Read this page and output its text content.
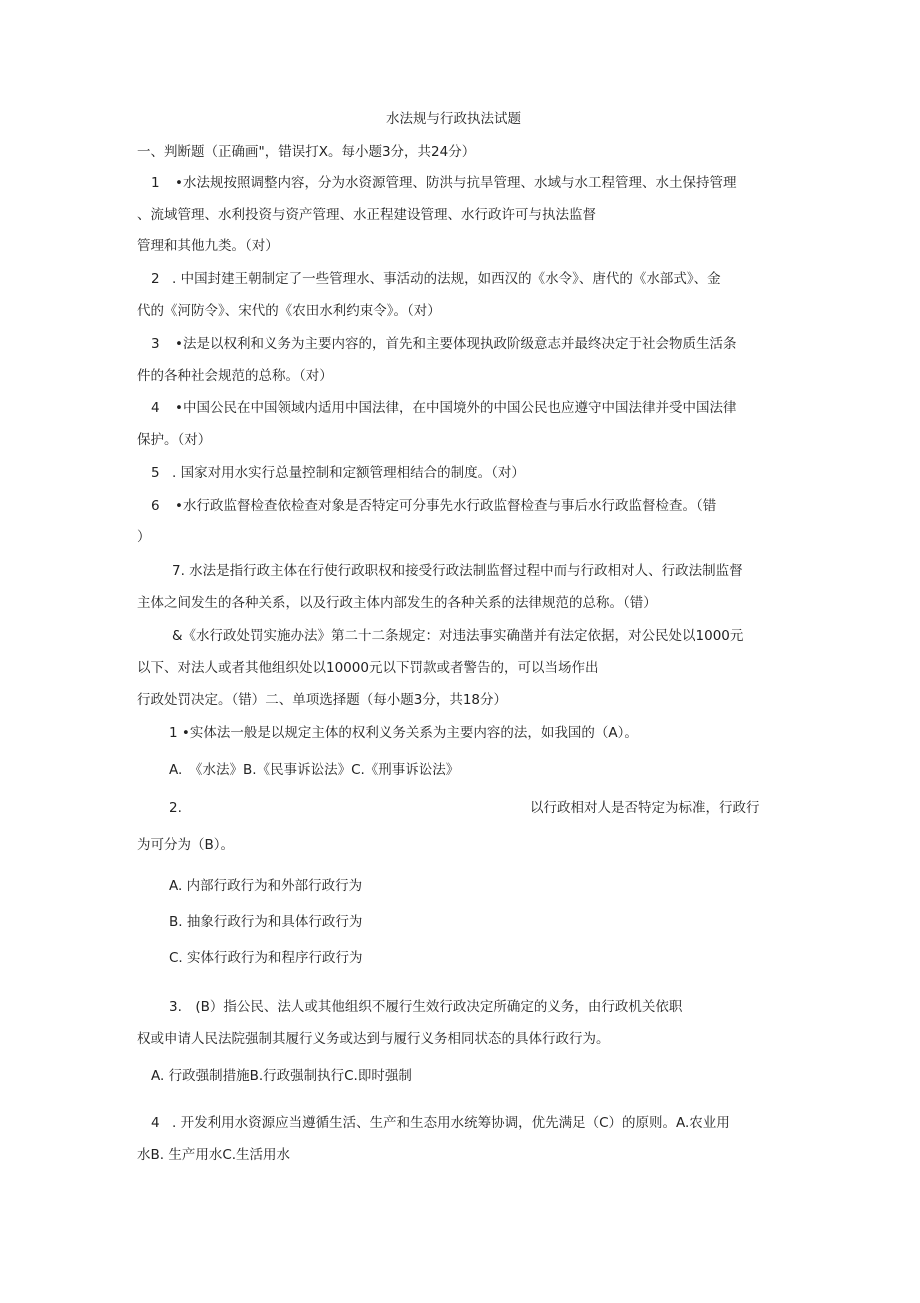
水法规与行政执法试题
一、判断题（正确画"，错误打X。每小题3分，共24分）
1 •水法规按照调整内容，分为水资源管理、防洪与抗旱管理、水域与水工程管理、水土保持管理
、流域管理、水利投资与资产管理、水正程建设管理、水行政许可与执法监督
管理和其他九类。（对）
2 . 中国封建王朝制定了一些管理水、事活动的法规，如西汉的《水令》、唐代的《水部式》、金
代的《河防令》、宋代的《农田水利约束令》。（对）
3 •法是以权利和义务为主要内容的，首先和主要体现执政阶级意志并最终决定于社会物质生活条
件的各种社会规范的总称。（对）
4 •中国公民在中国领域内适用中国法律，在中国境外的中国公民也应遵守中国法律并受中国法律
保护。（对）
5 . 国家对用水实行总量控制和定额管理相结合的制度。（对）
6 •水行政监督检查依检查对象是否特定可分事先水行政监督检查与事后水行政监督检查。（错
）
7. 水法是指行政主体在行使行政职权和接受行政法制监督过程中而与行政相对人、行政法制监督
主体之间发生的各种关系，以及行政主体内部发生的各种关系的法律规范的总称。（错）
&《水行政处罚实施办法》第二十二条规定：对违法事实确凿并有法定依据，对公民处以1000元
以下、对法人或者其他组织处以10000元以下罚款或者警告的，可以当场作出
行政处罚决定。（错）二、单项选择题（每小题3分，共18分）
1 •实体法一般是以规定主体的权利义务关系为主要内容的法，如我国的（A）。
A.　《水法》B.《民事诉讼法》C.《刑事诉讼法》
2.	以行政相对人是否特定为标准，行政行
为可分为（B）。
A. 内部行政行为和外部行政行为
B. 抽象行政行为和具体行政行为
C. 实体行政行为和程序行政行为
3.　(B）指公民、法人或其他组织不履行生效行政决定所确定的义务，由行政机关依职
权或申请人民法院强制其履行义务或达到与履行义务相同状态的具体行政行为。
A. 行政强制措施B.行政强制执行C.即时强制
4 . 开发利用水资源应当遵循生活、生产和生态用水统筹协调，优先满足（C）的原则。A.农业用
水B. 生产用水C.生活用水
